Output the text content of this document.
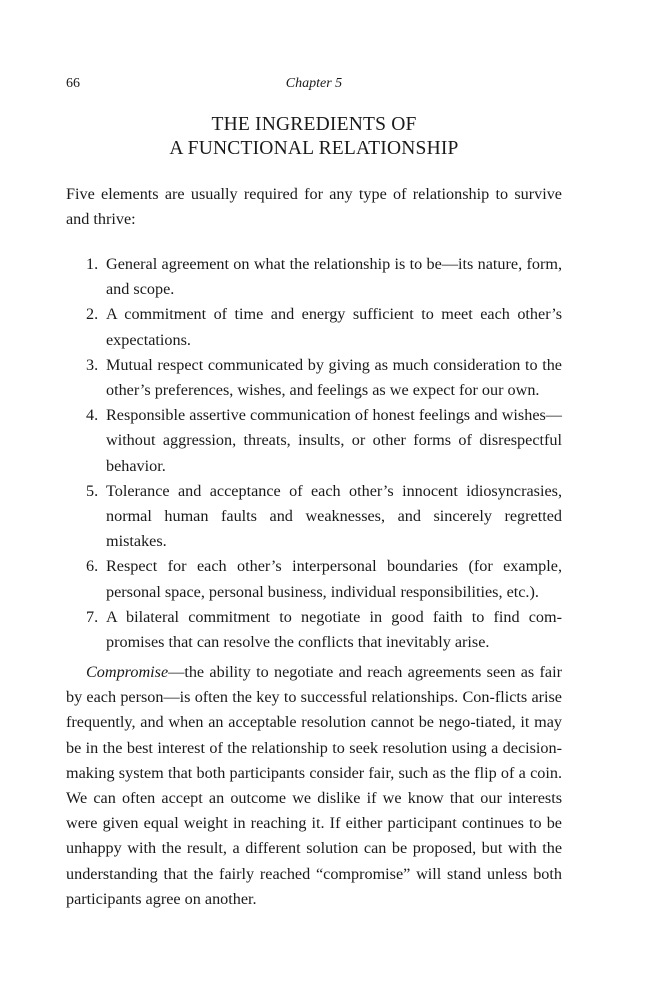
66	Chapter 5
THE INGREDIENTS OF
A FUNCTIONAL RELATIONSHIP

Five elements are usually required for any type of relationship to survive and thrive:

1. General agreement on what the relationship is to be—its nature, form, and scope.
2. A commitment of time and energy sufficient to meet each other’s expectations.
3. Mutual respect communicated by giving as much consideration to the other’s preferences, wishes, and feelings as we expect for our own.
4. Responsible assertive communication of honest feelings and wishes—without aggression, threats, insults, or other forms of disrespectful behavior.
5. Tolerance and acceptance of each other’s innocent idiosyncrasies, normal human faults and weaknesses, and sincerely regretted mistakes.
6. Respect for each other’s interpersonal boundaries (for example, personal space, personal business, individual responsibilities, etc.).
7. A bilateral commitment to negotiate in good faith to find com-promises that can resolve the conflicts that inevitably arise.

Compromise—the ability to negotiate and reach agreements seen as fair by each person—is often the key to successful relationships. Con-flicts arise frequently, and when an acceptable resolution cannot be nego-tiated, it may be in the best interest of the relationship to seek resolution using a decision-making system that both participants consider fair, such as the flip of a coin. We can often accept an outcome we dislike if we know that our interests were given equal weight in reaching it. If either participant continues to be unhappy with the result, a different solution can be proposed, but with the understanding that the fairly reached “compromise” will stand unless both participants agree on another.
